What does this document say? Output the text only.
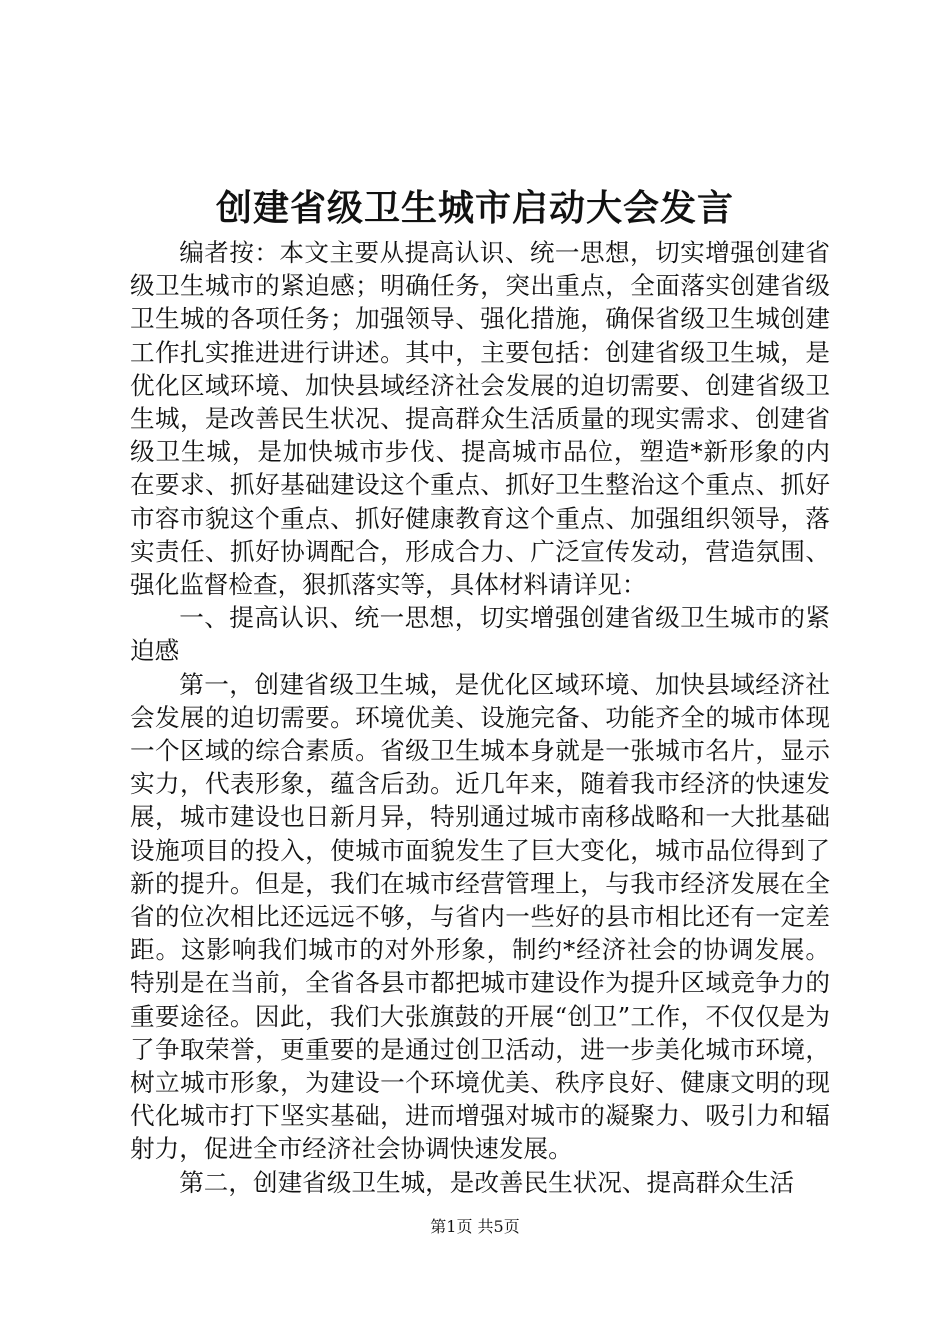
创建省级卫生城市启动大会发言

编者按：本文主要从提高认识、统一思想，切实增强创建省级卫生城市的紧迫感；明确任务，突出重点，全面落实创建省级卫生城的各项任务；加强领导、强化措施，确保省级卫生城创建工作扎实推进进行讲述。其中，主要包括：创建省级卫生城，是优化区域环境、加快县域经济社会发展的迫切需要、创建省级卫生城，是改善民生状况、提高群众生活质量的现实需求、创建省级卫生城，是加快城市步伐、提高城市品位，塑造*新形象的内在要求、抓好基础建设这个重点、抓好卫生整治这个重点、抓好市容市貌这个重点、抓好健康教育这个重点、加强组织领导，落实责任、抓好协调配合，形成合力、广泛宣传发动，营造氛围、强化监督检查，狠抓落实等，具体材料请详见：

一、提高认识、统一思想，切实增强创建省级卫生城市的紧迫感

第一，创建省级卫生城，是优化区域环境、加快县域经济社会发展的迫切需要。环境优美、设施完备、功能齐全的城市体现一个区域的综合素质。省级卫生城本身就是一张城市名片，显示实力，代表形象，蕴含后劲。近几年来，随着我市经济的快速发展，城市建设也日新月异，特别通过城市南移战略和一大批基础设施项目的投入，使城市面貌发生了巨大变化，城市品位得到了新的提升。但是，我们在城市经营管理上，与我市经济发展在全省的位次相比还远远不够，与省内一些好的县市相比还有一定差距。这影响我们城市的对外形象，制约*经济社会的协调发展。特别是在当前，全省各县市都把城市建设作为提升区域竞争力的重要途径。因此，我们大张旗鼓的开展“创卫”工作，不仅仅是为了争取荣誉，更重要的是通过创卫活动，进一步美化城市环境，树立城市形象，为建设一个环境优美、秩序良好、健康文明的现代化城市打下坚实基础，进而增强对城市的凝聚力、吸引力和辐射力，促进全市经济社会协调快速发展。

第二，创建省级卫生城，是改善民生状况、提高群众生活

第1页 共5页
